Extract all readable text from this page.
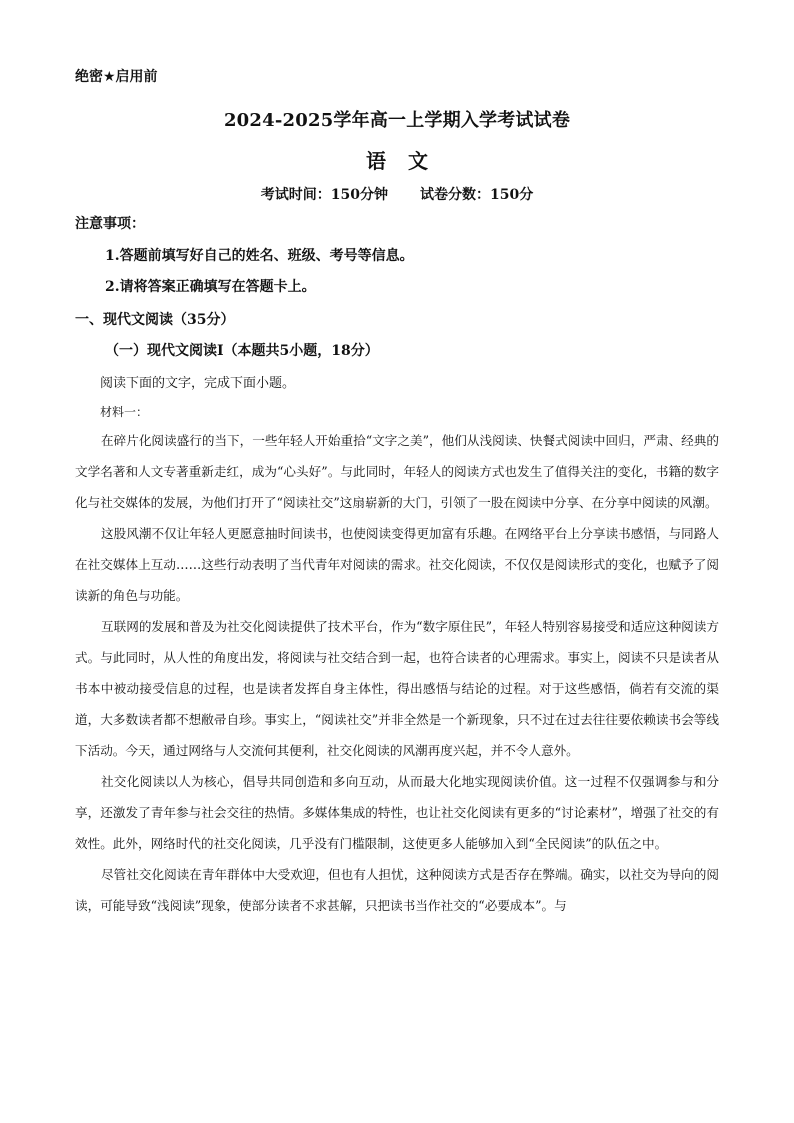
绝密★启用前
2024-2025学年高一上学期入学考试试卷
语 文
考试时间：150分钟 试卷分数：150分
注意事项：
1.答题前填写好自己的姓名、班级、考号等信息。
2.请将答案正确填写在答题卡上。
一、现代文阅读（35分）
（一）现代文阅读Ⅰ（本题共5小题，18分）
阅读下面的文字，完成下面小题。
材料一：

在碎片化阅读盛行的当下，一些年轻人开始重拾“文字之美”，他们从浅阅读、快餐式阅读中回归，严肃、经典的文学名著和人文专著重新走红，成为“心头好”。与此同时，年轻人的阅读方式也发生了值得关注的变化，书籍的数字化与社交媒体的发展，为他们打开了“阅读社交”这扇崭新的大门，引领了一股在阅读中分享、在分享中阅读的风潮。

这股风潮不仅让年轻人更愿意抽时间读书，也使阅读变得更加富有乐趣。在网络平台上分享读书感悟，与同路人在社交媒体上互动……这些行动表明了当代青年对阅读的需求。社交化阅读，不仅仅是阅读形式的变化，也赋予了阅读新的角色与功能。

互联网的发展和普及为社交化阅读提供了技术平台，作为“数字原住民”，年轻人特别容易接受和适应这种阅读方式。与此同时，从人性的角度出发，将阅读与社交结合到一起，也符合读者的心理需求。事实上，阅读不只是读者从书本中被动接受信息的过程，也是读者发挥自身主体性，得出感悟与结论的过程。对于这些感悟，倘若有交流的渠道，大多数读者都不想敝帚自珍。事实上，“阅读社交”并非全然是一个新现象，只不过在过去往往要依赖读书会等线下活动。今天，通过网络与人交流何其便利，社交化阅读的风潮再度兴起，并不令人意外。

社交化阅读以人为核心，倡导共同创造和多向互动，从而最大化地实现阅读价值。这一过程不仅强调参与和分享，还激发了青年参与社会交往的热情。多媒体集成的特性，也让社交化阅读有更多的“讨论素材”，增强了社交的有效性。此外，网络时代的社交化阅读，几乎没有门槛限制，这使更多人能够加入到“全民阅读”的队伍之中。

尽管社交化阅读在青年群体中大受欢迎，但也有人担忧，这种阅读方式是否存在弊端。确实，以社交为导向的阅读，可能导致“浅阅读”现象，使部分读者不求甚解，只把读书当作社交的“必要成本”。与
